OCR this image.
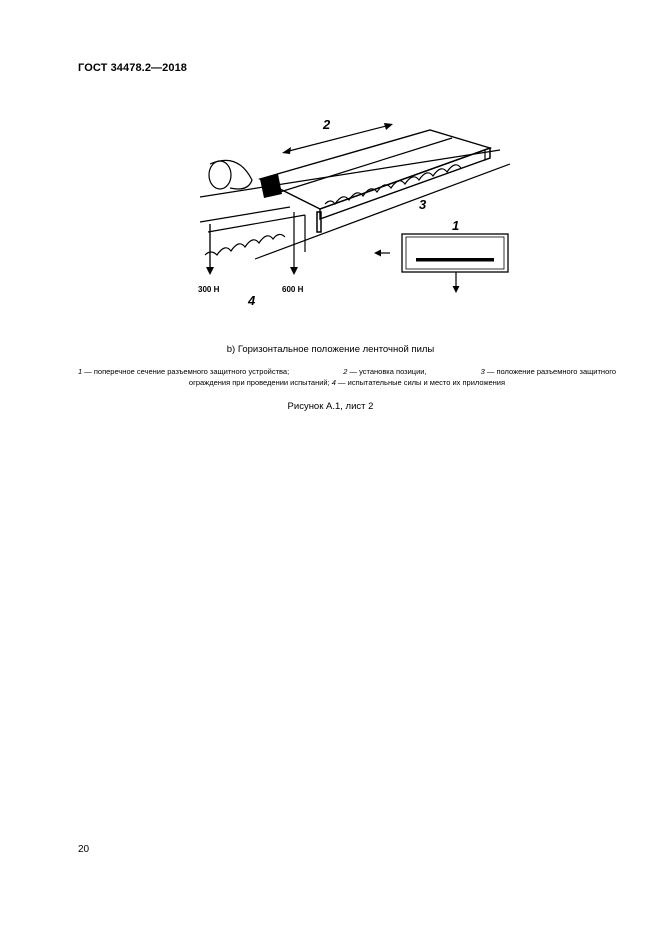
ГОСТ 34478.2—2018
2
3
1
4
300 Н	600 Н
b) Горизонтальное положение ленточной пилы
1 — поперечное сечение разъемного защитного устройства;	2 — установка позиции,	3 — положение разъемного защитного
ограждения при проведении испытаний; 4 — испытательные силы и место их приложения
Рисунок А.1, лист 2
20
